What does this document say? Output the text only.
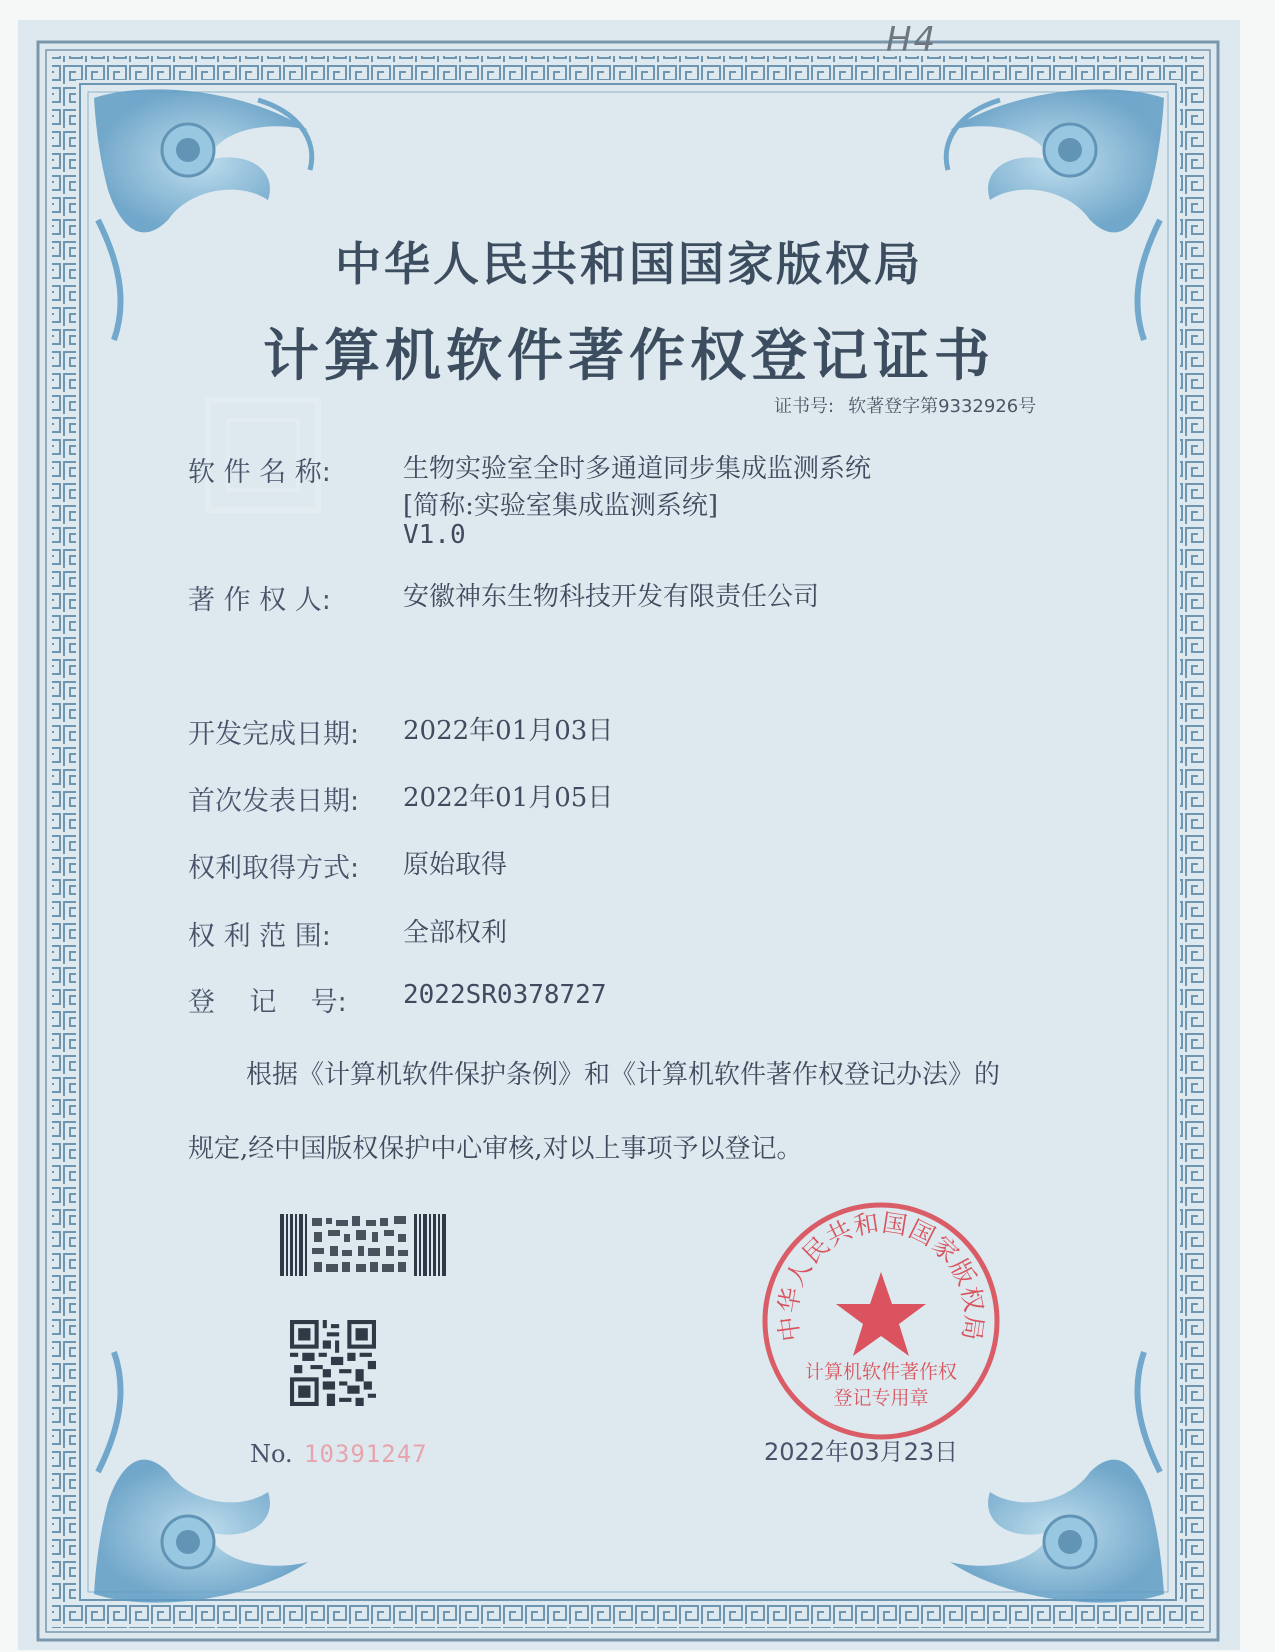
H4
中华人民共和国国家版权局
计算机软件著作权登记证书
证书号: 软著登字第9332926号
软 件 名 称:	生物实验室全时多通道同步集成监测系统
[简称:实验室集成监测系统]
V1.0
著 作 权 人:	安徽神东生物科技开发有限责任公司
开发完成日期: 2022年01月03日
首次发表日期: 2022年01月05日
权利取得方式: 原始取得
权 利 范 围:	全部权利
登    记    号: 2022SR0378727
根据《计算机软件保护条例》和《计算机软件著作权登记办法》的
规定,经中国版权保护中心审核,对以上事项予以登记。
No. 10391247
中华人民共和国国家版权局
计算机软件著作权
登记专用章
2022年03月23日
